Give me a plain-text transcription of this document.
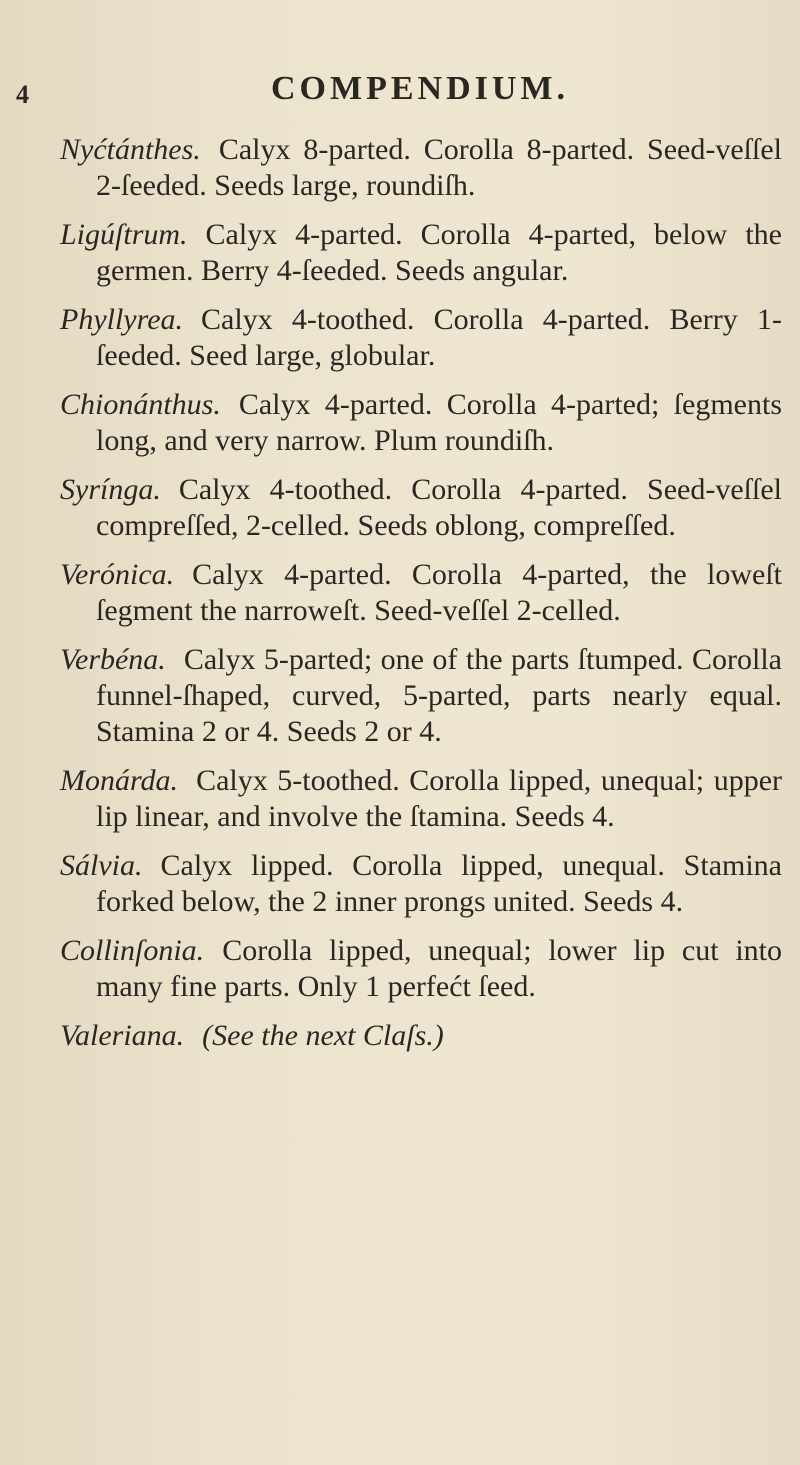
4	COMPENDIUM.

Nyćtánthes. Calyx 8-parted. Corolla 8-parted. Seed-veſſel 2-ſeeded. Seeds large, roundiſh.

Ligúſtrum. Calyx 4-parted. Corolla 4-parted, below the germen. Berry 4-ſeeded. Seeds angular.

Phyllyrea. Calyx 4-toothed. Corolla 4-parted. Berry 1-ſeeded. Seed large, globular.

Chionánthus. Calyx 4-parted. Corolla 4-parted; ſegments long, and very narrow. Plum roundiſh.

Syrínga. Calyx 4-toothed. Corolla 4-parted. Seed-veſſel compreſſed, 2-celled. Seeds oblong, compreſſed.

Verónica. Calyx 4-parted. Corolla 4-parted, the loweſt ſegment the narroweſt. Seed-veſſel 2-celled.

Verbéna. Calyx 5-parted; one of the parts ſtumped. Corolla funnel-ſhaped, curved, 5-parted, parts nearly equal. Stamina 2 or 4. Seeds 2 or 4.

Monárda. Calyx 5-toothed. Corolla lipped, unequal; upper lip linear, and involve the ſtamina. Seeds 4.

Sálvia. Calyx lipped. Corolla lipped, unequal. Stamina forked below, the 2 inner prongs united. Seeds 4.

Collinſonia. Corolla lipped, unequal; lower lip cut into many fine parts. Only 1 perfećt ſeed.

Valeriana. (See the next Claſs.)
